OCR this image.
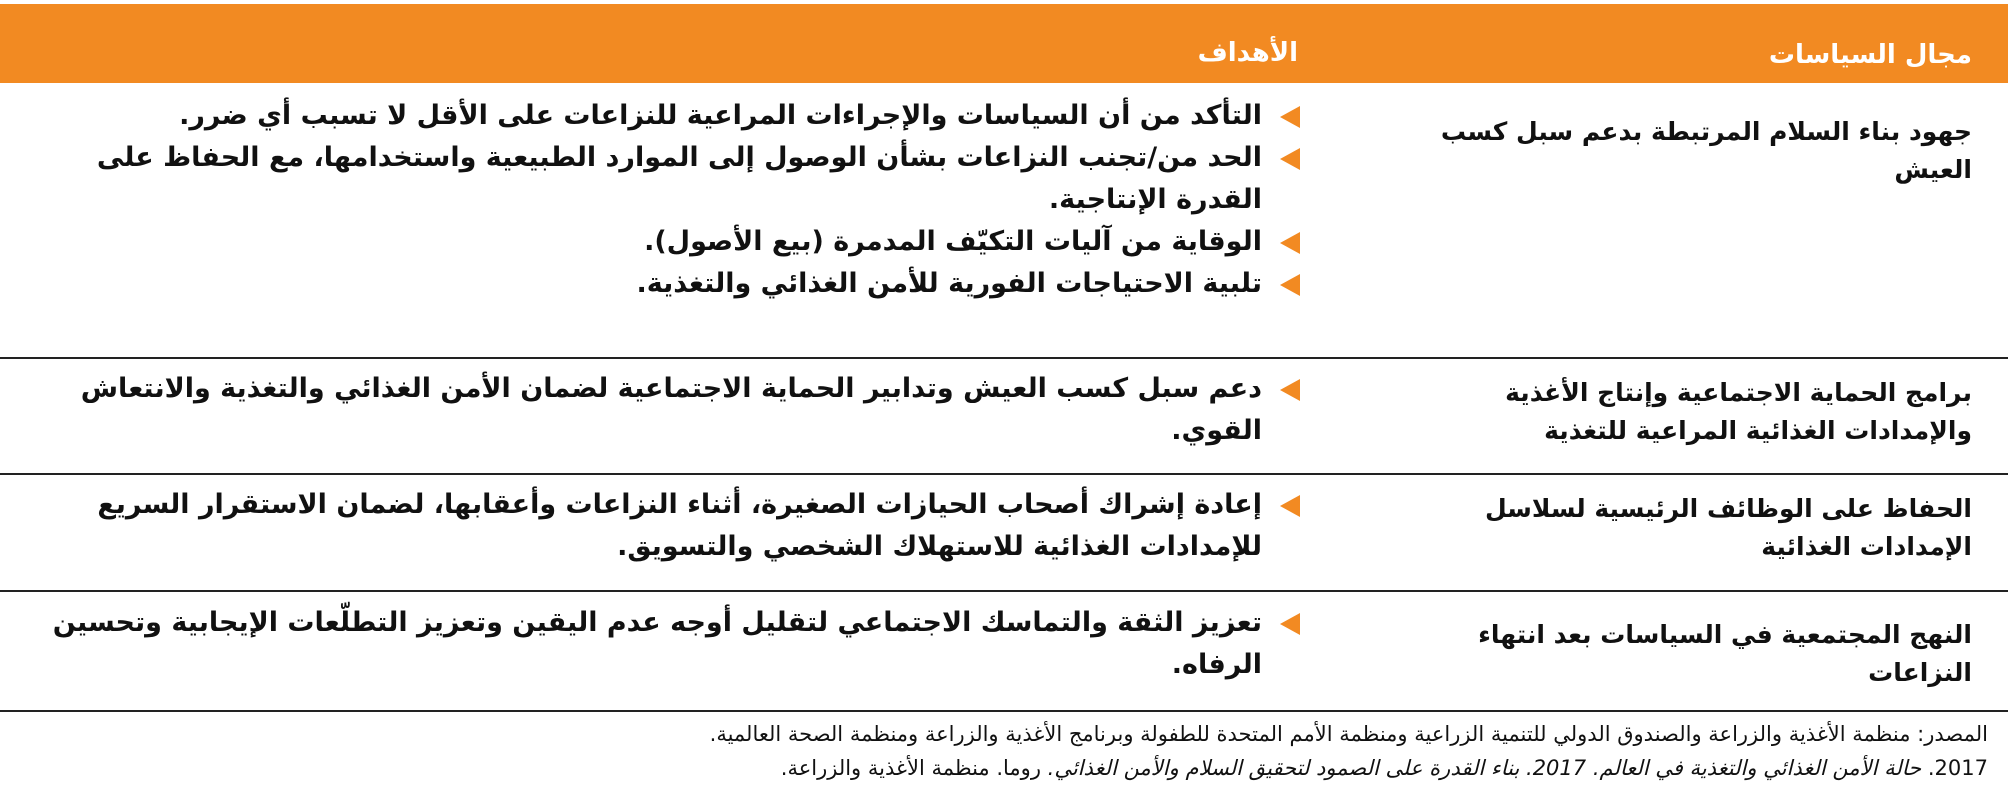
مجال السياسات
الأهداف
جهود بناء السلام المرتبطة بدعم سبل كسب العيش
التأكد من أن السياسات والإجراءات المراعية للنزاعات على الأقل لا تسبب أي ضرر.
الحد من/تجنب النزاعات بشأن الوصول إلى الموارد الطبيعية واستخدامها، مع الحفاظ على القدرة الإنتاجية.
الوقاية من آليات التكيّف المدمرة (بيع الأصول).
تلبية الاحتياجات الفورية للأمن الغذائي والتغذية.
برامج الحماية الاجتماعية وإنتاج الأغذية والإمدادات الغذائية المراعية للتغذية
دعم سبل كسب العيش وتدابير الحماية الاجتماعية لضمان الأمن الغذائي والتغذية والانتعاش القوي.
الحفاظ على الوظائف الرئيسية لسلاسل الإمدادات الغذائية
إعادة إشراك أصحاب الحيازات الصغيرة، أثناء النزاعات وأعقابها، لضمان الاستقرار السريع للإمدادات الغذائية للاستهلاك الشخصي والتسويق.
النهج المجتمعية في السياسات بعد انتهاء النزاعات
تعزيز الثقة والتماسك الاجتماعي لتقليل أوجه عدم اليقين وتعزيز التطلّعات الإيجابية وتحسين الرفاه.
المصدر: منظمة الأغذية والزراعة والصندوق الدولي للتنمية الزراعية ومنظمة الأمم المتحدة للطفولة وبرنامج الأغذية والزراعة ومنظمة الصحة العالمية.
2017. حالة الأمن الغذائي والتغذية في العالم. 2017. بناء القدرة على الصمود لتحقيق السلام والأمن الغذائي. روما. منظمة الأغذية والزراعة.
